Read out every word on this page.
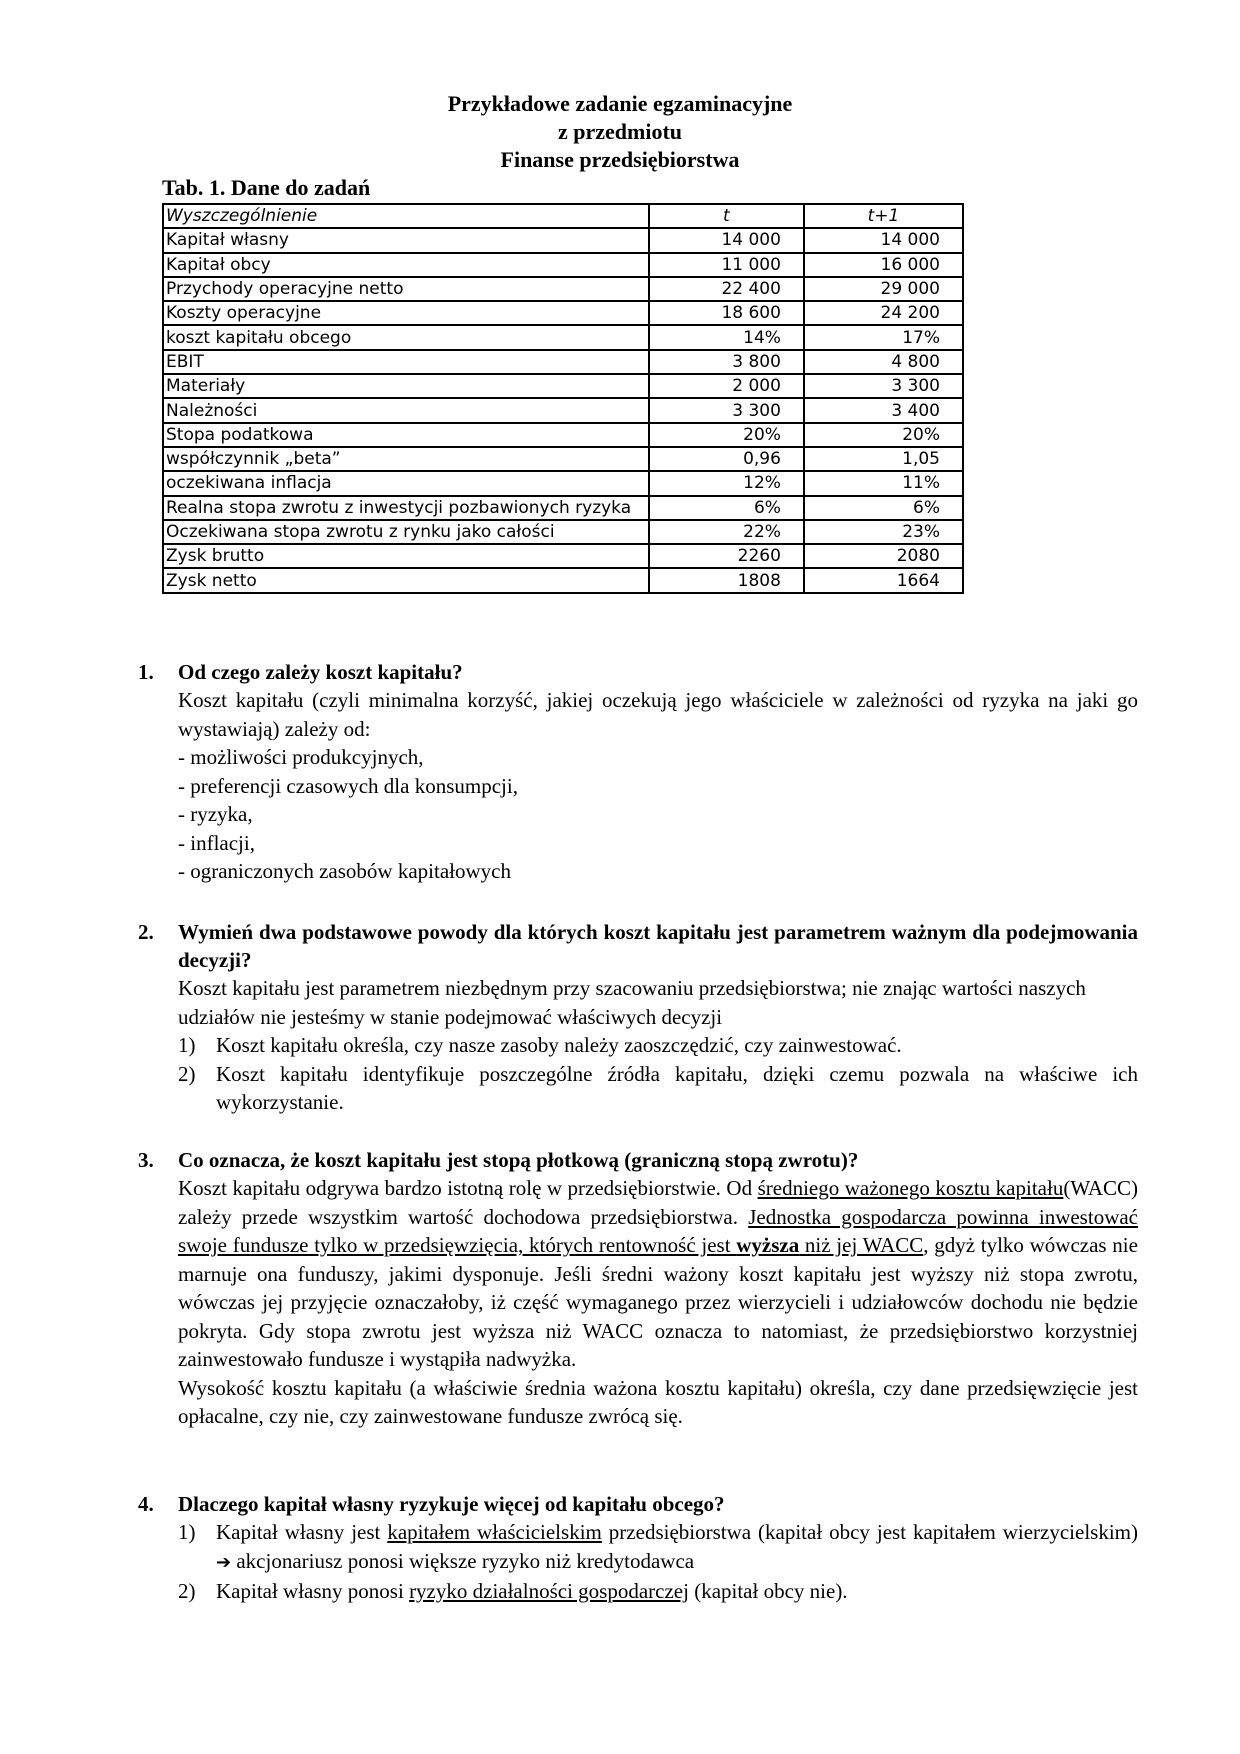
Przykładowe zadanie egzaminacyjne
z przedmiotu
Finanse przedsiębiorstwa
Tab. 1. Dane do zadań
Wyszczególnienie	t	t+1
Kapitał własny	14 000	14 000
Kapitał obcy	11 000	16 000
Przychody operacyjne netto	22 400	29 000
Koszty operacyjne	18 600	24 200
koszt kapitału obcego	14%	17%
EBIT	3 800	4 800
Materiały	2 000	3 300
Należności	3 300	3 400
Stopa podatkowa	20%	20%
współczynnik „beta”	0,96	1,05
oczekiwana inflacja	12%	11%
Realna stopa zwrotu z inwestycji pozbawionych ryzyka	6%	6%
Oczekiwana stopa zwrotu z rynku jako całości	22%	23%
Zysk brutto	2260	2080
Zysk netto	1808	1664
1.	Od czego zależy koszt kapitału?
Koszt kapitału (czyli minimalna korzyść, jakiej oczekują jego właściciele w zależności od ryzyka na jaki go wystawiają) zależy od:
- możliwości produkcyjnych,
- preferencji czasowych dla konsumpcji,
- ryzyka,
- inflacji,
- ograniczonych zasobów kapitałowych
2.	Wymień dwa podstawowe powody dla których koszt kapitału jest parametrem ważnym dla podejmowania decyzji?
Koszt kapitału jest parametrem niezbędnym przy szacowaniu przedsiębiorstwa; nie znając wartości naszych udziałów nie jesteśmy w stanie podejmować właściwych decyzji
1) Koszt kapitału określa, czy nasze zasoby należy zaoszczędzić, czy zainwestować.
2) Koszt kapitału identyfikuje poszczególne źródła kapitału, dzięki czemu pozwala na właściwe ich wykorzystanie.
3.	Co oznacza, że koszt kapitału jest stopą płotkową (graniczną stopą zwrotu)?
Koszt kapitału odgrywa bardzo istotną rolę w przedsiębiorstwie. Od średniego ważonego kosztu kapitału(WACC) zależy przede wszystkim wartość dochodowa przedsiębiorstwa. Jednostka gospodarcza powinna inwestować swoje fundusze tylko w przedsięwzięcia, których rentowność jest wyższa niż jej WACC, gdyż tylko wówczas nie marnuje ona funduszy, jakimi dysponuje. Jeśli średni ważony koszt kapitału jest wyższy niż stopa zwrotu, wówczas jej przyjęcie oznaczałoby, iż część wymaganego przez wierzycieli i udziałowców dochodu nie będzie pokryta. Gdy stopa zwrotu jest wyższa niż WACC oznacza to natomiast, że przedsiębiorstwo korzystniej zainwestowało fundusze i wystąpiła nadwyżka.
Wysokość kosztu kapitału (a właściwie średnia ważona kosztu kapitału) określa, czy dane przedsięwzięcie jest opłacalne, czy nie, czy zainwestowane fundusze zwrócą się.
4.	Dlaczego kapitał własny ryzykuje więcej od kapitału obcego?
1) Kapitał własny jest kapitałem właścicielskim przedsiębiorstwa (kapitał obcy jest kapitałem wierzycielskim) ➔ akcjonariusz ponosi większe ryzyko niż kredytodawca
2) Kapitał własny ponosi ryzyko działalności gospodarczej (kapitał obcy nie).
